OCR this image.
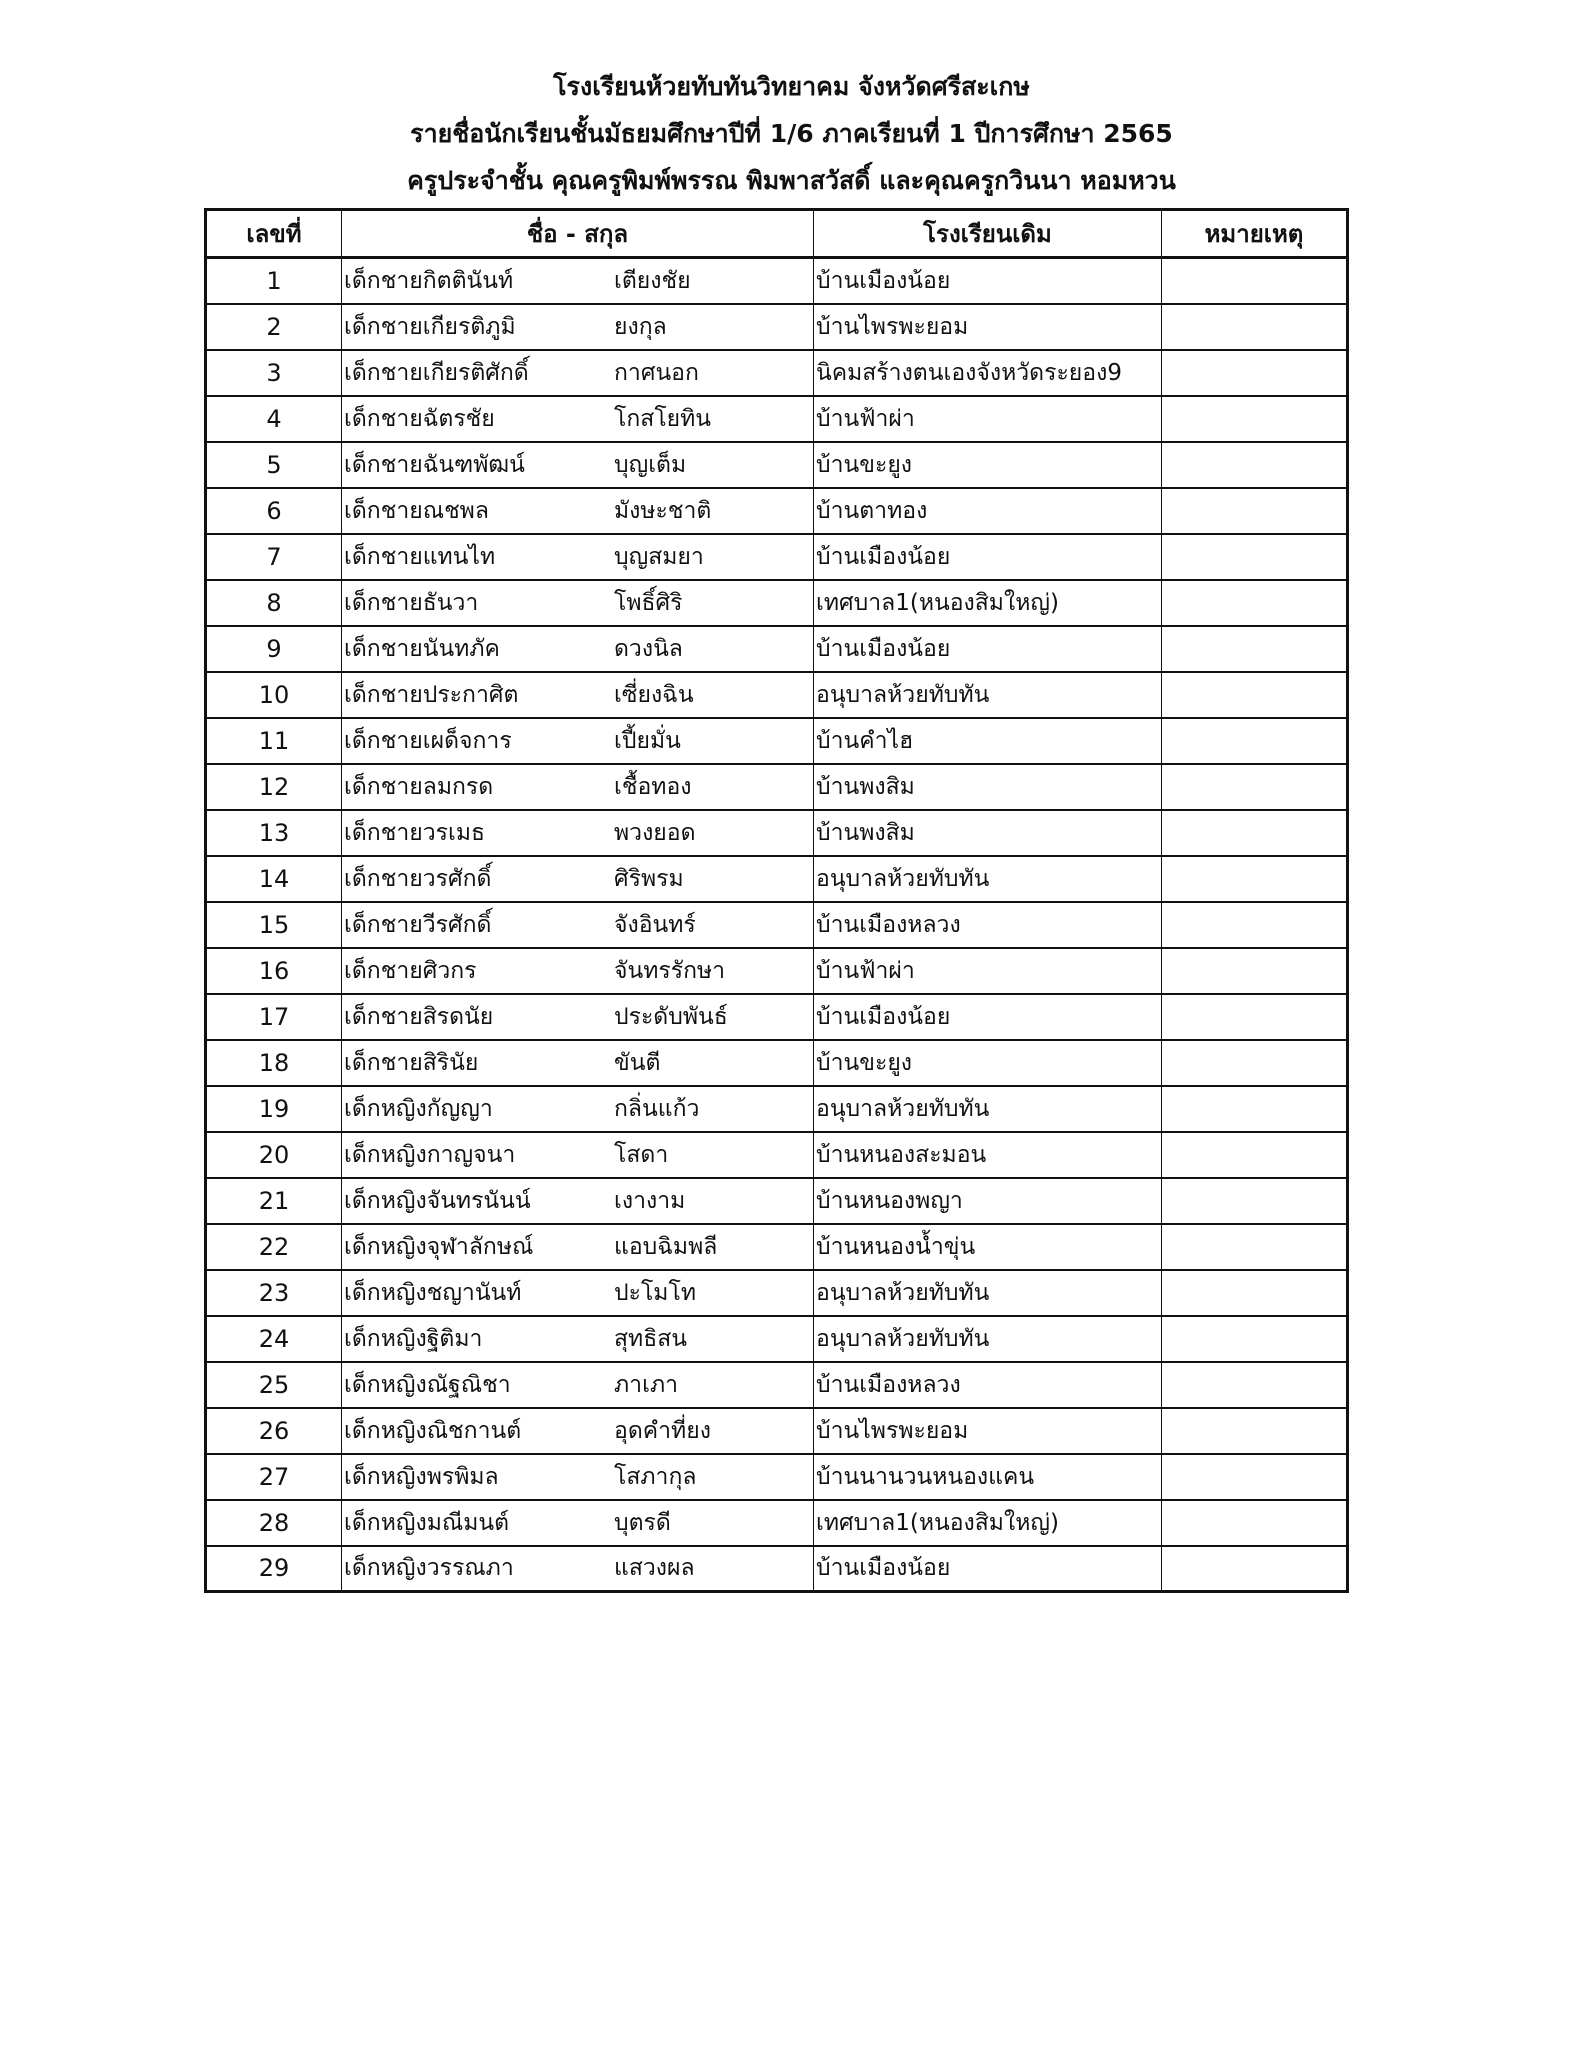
โรงเรียนห้วยทับทันวิทยาคม จังหวัดศรีสะเกษ
รายชื่อนักเรียนชั้นมัธยมศึกษาปีที่ 1/6 ภาคเรียนที่ 1 ปีการศึกษา 2565
ครูประจำชั้น คุณครูพิมพ์พรรณ พิมพาสวัสดิ์ และคุณครูกวินนา หอมหวน
เลขที่	ชื่อ - สกุล	โรงเรียนเดิม	หมายเหตุ
1	เด็กชายกิตตินันท์ เตียงชัย	บ้านเมืองน้อย	
2	เด็กชายเกียรติภูมิ ยงกุล	บ้านไพรพะยอม	
3	เด็กชายเกียรติศักดิ์ กาศนอก	นิคมสร้างตนเองจังหวัดระยอง9	
4	เด็กชายฉัตรชัย โกสโยทิน	บ้านฟ้าผ่า	
5	เด็กชายฉันฑพัฒน์ บุญเต็ม	บ้านขะยูง	
6	เด็กชายณชพล มังษะชาติ	บ้านตาทอง	
7	เด็กชายแทนไท บุญสมยา	บ้านเมืองน้อย	
8	เด็กชายธันวา โพธิ์ศิริ	เทศบาล1(หนองสิมใหญ่)	
9	เด็กชายนันทภัค ดวงนิล	บ้านเมืองน้อย	
10	เด็กชายประกาศิต เซี่ยงฉิน	อนุบาลห้วยทับทัน	
11	เด็กชายเผด็จการ เปี้ยมั่น	บ้านคำไฮ	
12	เด็กชายลมกรด เชื้อทอง	บ้านพงสิม	
13	เด็กชายวรเมธ พวงยอด	บ้านพงสิม	
14	เด็กชายวรศักดิ์ ศิริพรม	อนุบาลห้วยทับทัน	
15	เด็กชายวีรศักดิ์ จังอินทร์	บ้านเมืองหลวง	
16	เด็กชายศิวกร จันทรรักษา	บ้านฟ้าผ่า	
17	เด็กชายสิรดนัย ประดับพันธ์	บ้านเมืองน้อย	
18	เด็กชายสิรินัย ขันตี	บ้านขะยูง	
19	เด็กหญิงกัญญา กลิ่นแก้ว	อนุบาลห้วยทับทัน	
20	เด็กหญิงกาญจนา โสดา	บ้านหนองสะมอน	
21	เด็กหญิงจันทรนันน์ เงางาม	บ้านหนองพญา	
22	เด็กหญิงจุฬาลักษณ์ แอบฉิมพลี	บ้านหนองน้ำขุ่น	
23	เด็กหญิงชญานันท์ ปะโมโท	อนุบาลห้วยทับทัน	
24	เด็กหญิงฐิติมา สุทธิสน	อนุบาลห้วยทับทัน	
25	เด็กหญิงณัฐณิชา ภาเภา	บ้านเมืองหลวง	
26	เด็กหญิงณิชกานต์ อุดคำที่ยง	บ้านไพรพะยอม	
27	เด็กหญิงพรพิมล โสภากุล	บ้านนานวนหนองแคน	
28	เด็กหญิงมณีมนต์ บุตรดี	เทศบาล1(หนองสิมใหญ่)	
29	เด็กหญิงวรรณภา แสวงผล	บ้านเมืองน้อย	
